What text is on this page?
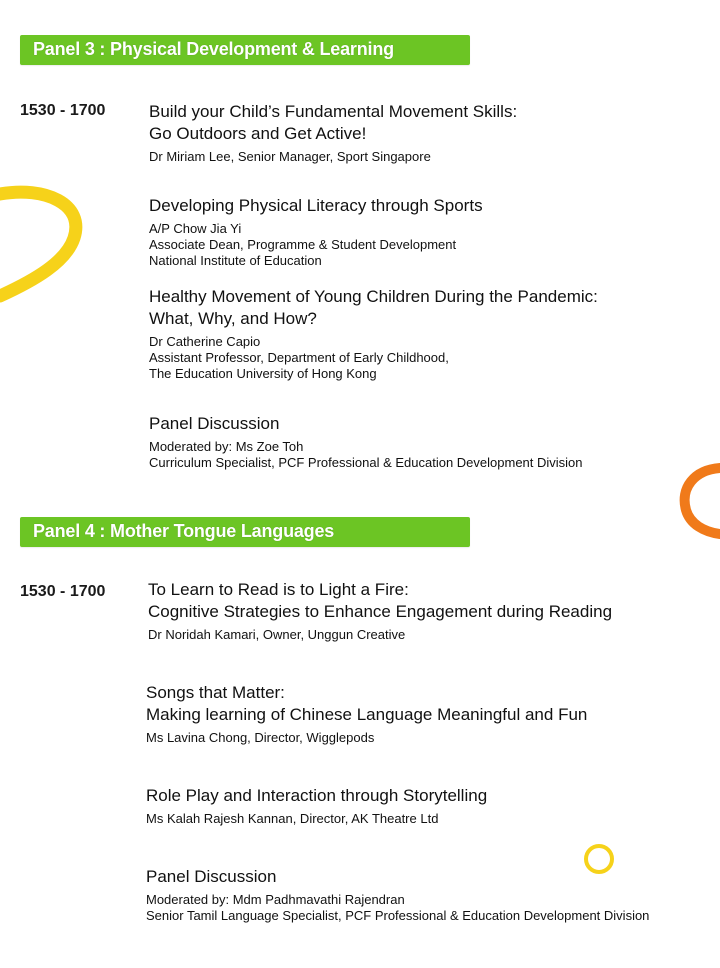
Panel 3 : Physical Development & Learning
1530 - 1700	Build your Child’s Fundamental Movement Skills:
Go Outdoors and Get Active!
Dr Miriam Lee, Senior Manager, Sport Singapore
Developing Physical Literacy through Sports
A/P Chow Jia Yi
Associate Dean, Programme & Student Development
National Institute of Education
Healthy Movement of Young Children During the Pandemic:
What, Why, and How?
Dr Catherine Capio
Assistant Professor, Department of Early Childhood,
The Education University of Hong Kong
Panel Discussion
Moderated by: Ms Zoe Toh
Curriculum Specialist, PCF Professional & Education Development Division
Panel 4 : Mother Tongue Languages
1530 - 1700	To Learn to Read is to Light a Fire:
Cognitive Strategies to Enhance Engagement during Reading
Dr Noridah Kamari, Owner, Unggun Creative
Songs that Matter:
Making learning of Chinese Language Meaningful and Fun
Ms Lavina Chong, Director, Wigglepods
Role Play and Interaction through Storytelling
Ms Kalah Rajesh Kannan, Director, AK Theatre Ltd
Panel Discussion
Moderated by: Mdm Padhmavathi Rajendran
Senior Tamil Language Specialist, PCF Professional & Education Development Division
